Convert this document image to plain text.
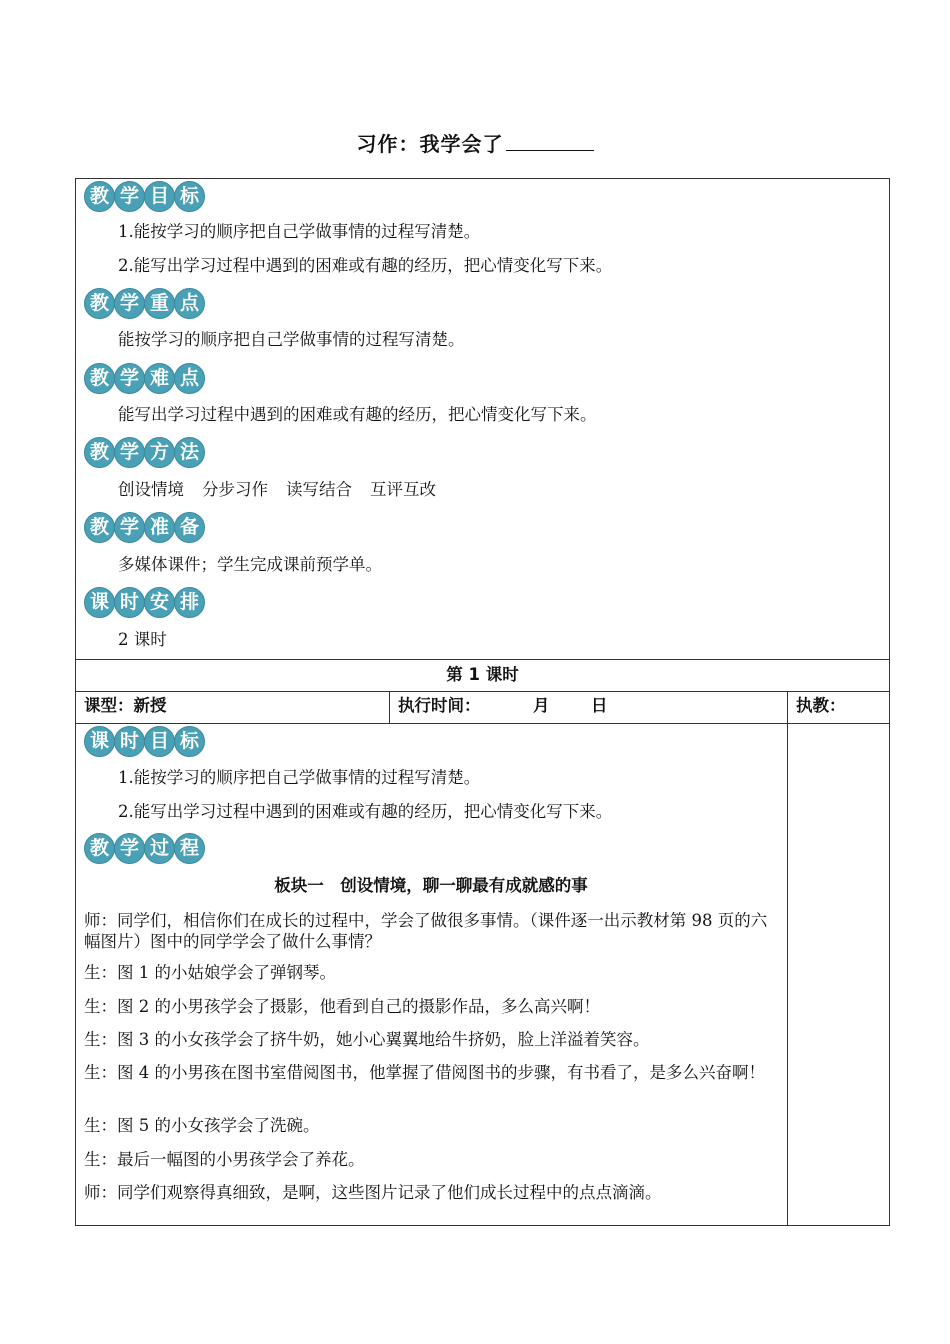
习作：我学会了
教 学 目 标
1.能按学习的顺序把自己学做事情的过程写清楚。
2.能写出学习过程中遇到的困难或有趣的经历，把心情变化写下来。
教 学 重 点
能按学习的顺序把自己学做事情的过程写清楚。
教 学 难 点
能写出学习过程中遇到的困难或有趣的经历，把心情变化写下来。
教 学 方 法
创设情境 分步习作 读写结合 互评互改
教 学 准 备
多媒体课件；学生完成课前预学单。
课 时 安 排
2 课时
第 1 课时
课型：新授	执行时间：	月	日	执教：
课 时 目 标
1.能按学习的顺序把自己学做事情的过程写清楚。
2.能写出学习过程中遇到的困难或有趣的经历，把心情变化写下来。
教 学 过 程
板块一　创设情境，聊一聊最有成就感的事
师：同学们，相信你们在成长的过程中，学会了做很多事情。（课件逐一出示教材第 98 页的六幅图片）图中的同学学会了做什么事情？
生：图 1 的小姑娘学会了弹钢琴。
生：图 2 的小男孩学会了摄影，他看到自己的摄影作品，多么高兴啊！
生：图 3 的小女孩学会了挤牛奶，她小心翼翼地给牛挤奶，脸上洋溢着笑容。
生：图 4 的小男孩在图书室借阅图书，他掌握了借阅图书的步骤，有书看了，是多么兴奋啊！
生：图 5 的小女孩学会了洗碗。
生：最后一幅图的小男孩学会了养花。
师：同学们观察得真细致，是啊，这些图片记录了他们成长过程中的点点滴滴。
